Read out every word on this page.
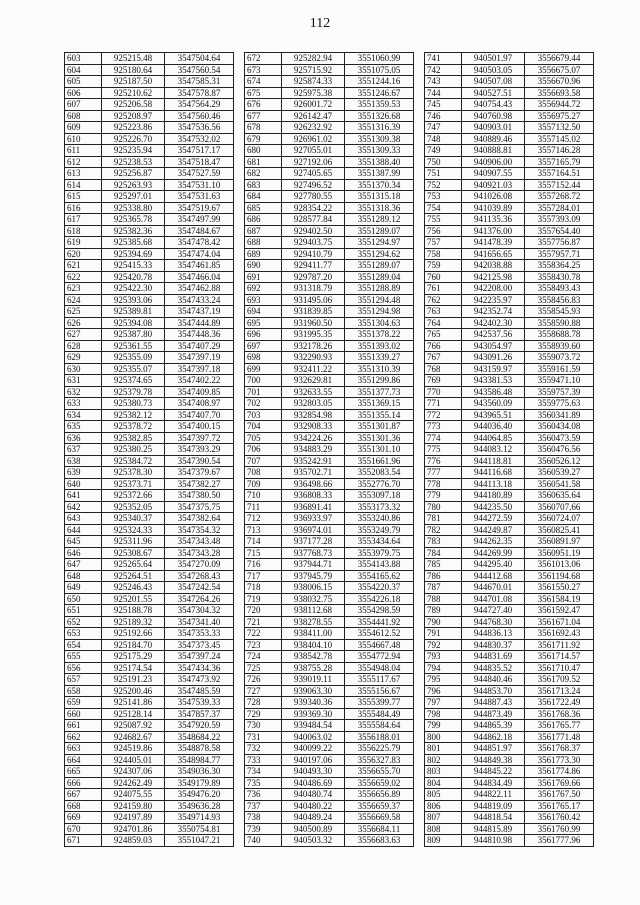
112
603	925215.48	3547504.64
604	925180.64	3547560.54
605	925187.50	3547585.31
606	925210.62	3547578.87
607	925206.58	3547564.29
608	925208.97	3547560.46
609	925223.86	3547536.56
610	925226.70	3547532.02
611	925235.94	3547517.17
612	925238.53	3547518.47
613	925256.87	3547527.59
614	925263.93	3547531.10
615	925297.01	3547531.63
616	925338.80	3547519.67
617	925365.78	3547497.99
618	925382.36	3547484.67
619	925385.68	3547478.42
620	925394.69	3547474.04
621	925415.33	3547461.85
622	925420.78	3547466.04
623	925422.30	3547462.88
624	925393.06	3547433.24
625	925389.81	3547437.19
626	925394.08	3547444.89
627	925387.80	3547448.36
628	925361.55	3547407.29
629	925355.09	3547397.19
630	925355.07	3547397.18
631	925374.65	3547402.22
632	925379.78	3547409.85
633	925380.73	3547408.97
634	925382.12	3547407.70
635	925378.72	3547400.15
636	925382.85	3547397.72
637	925380.25	3547393.29
638	925384.72	3547390.54
639	925378.30	3547379.67
640	925373.71	3547382.27
641	925372.66	3547380.50
642	925352.05	3547375.75
643	925340.37	3547382.64
644	925324.33	3547354.32
645	925311.96	3547343.48
646	925308.67	3547343.28
647	925265.64	3547270.09
648	925264.51	3547268.43
649	925246.43	3547242.54
650	925201.55	3547264.26
651	925188.78	3547304.32
652	925189.32	3547341.40
653	925192.66	3547353.33
654	925184.70	3547373.45
655	925175.29	3547397.24
656	925174.54	3547434.36
657	925191.23	3547473.92
658	925200.46	3547485.59
659	925141.86	3547539.33
660	925128.14	3547857.37
661	925087.92	3547920.59
662	924682.67	3548684.22
663	924519.86	3548878.58
664	924405.01	3548984.77
665	924307.06	3549036.30
666	924262.49	3549179.89
667	924075.55	3549476.20
668	924159.80	3549636.28
669	924197.89	3549714.93
670	924701.86	3550754.81
671	924859.03	3551047.21
672	925282.94	3551060.99
673	925715.92	3551075.05
674	925874.33	3551244.16
675	925975.38	3551246.67
676	926001.72	3551359.53
677	926142.47	3551326.68
678	926232.92	3551316.39
679	926961.02	3551309.38
680	927055.01	3551309.33
681	927192.06	3551388.40
682	927405.65	3551387.99
683	927496.52	3551370.34
684	927780.55	3551315.18
685	928354.22	3551318.36
686	928577.84	3551289.12
687	929402.50	3551289.07
688	929403.75	3551294.97
689	929410.79	3551294.62
690	929411.77	3551289.07
691	929787.20	3551289.04
692	931318.79	3551288.89
693	931495.06	3551294.48
694	931839.85	3551294.98
695	931960.50	3551304.63
696	931995.35	3551378.22
697	932178.26	3551393.02
698	932290.93	3551339.27
699	932411.22	3551310.39
700	932629.81	3551299.86
701	932633.55	3551377.73
702	932803.05	3551369.15
703	932854.98	3551355.14
704	932908.33	3551301.87
705	934224.26	3551301.36
706	934883.29	3551301.10
707	935242.91	3551661.96
708	935702.71	3552083.54
709	936498.66	3552776.70
710	936808.33	3553097.18
711	936891.41	3553173.32
712	936933.97	3553240.86
713	936974.01	3553249.79
714	937177.28	3553434.64
715	937768.73	3553979.75
716	937944.71	3554143.88
717	937945.79	3554165.62
718	938006.15	3554220.37
719	938032.75	3554226.18
720	938112.68	3554298.59
721	938278.55	3554441.92
722	938411.00	3554612.52
723	938404.10	3554667.48
724	938542.78	3554772.94
725	938755.28	3554948.04
726	939019.11	3555117.67
727	939063.30	3555156.67
728	939340.36	3555399.77
729	939369.30	3555484.49
730	939484.54	3555584.64
731	940063.02	3556188.01
732	940099.22	3556225.79
733	940197.06	3556327.83
734	940493.30	3556655.70
735	940486.69	3556659.02
736	940480.74	3556656.89
737	940480.22	3556659.37
738	940489.24	3556669.58
739	940500.89	3556684.11
740	940503.32	3556683.63
741	940501.97	3556679.44
742	940503.05	3556675.07
743	940507.08	3556670.96
744	940527.51	3556693.58
745	940754.43	3556944.72
746	940760.98	3556975.27
747	940903.01	3557132.50
748	940889.46	3557145.02
749	940888.81	3557146.28
750	940906.00	3557165.79
751	940907.55	3557164.51
752	940921.03	3557152.44
753	941026.08	3557268.72
754	941039.89	3557284.01
755	941135.36	3557393.09
756	941376.00	3557654.40
757	941478.39	3557756.87
758	941656.65	3557957.71
759	942038.88	3558364.25
760	942125.98	3558430.78
761	942208.00	3558493.43
762	942235.97	3558456.83
763	942352.74	3558545.93
764	942402.30	3558590.88
765	942537.56	3558688.78
766	943054.97	3558939.60
767	943091.26	3559073.72
768	943159.97	3559161.59
769	943381.53	3559471.10
770	943586.48	3559757.39
771	943560.09	3559775.63
772	943965.51	3560341.89
773	944036.40	3560434.08
774	944064.85	3560473.59
775	944083.12	3560476.56
776	944118.81	3560526.12
777	944116.68	3560539.27
778	944113.18	3560541.58
779	944180.89	3560635.64
780	944235.50	3560707.66
781	944272.59	3560724.07
782	944249.87	3560825.41
783	944262.35	3560891.97
784	944269.99	3560951.19
785	944295.40	3561013.06
786	944412.68	3561194.68
787	944670.01	3561550.27
788	944701.08	3561584.19
789	944727.40	3561592.47
790	944768.30	3561671.04
791	944836.13	3561692.43
792	944830.37	3561711.92
793	944831.69	3561714.57
794	944835.52	3561710.47
795	944840.46	3561709.52
796	944853.70	3561713.24
797	944887.43	3561722.49
798	944873.49	3561768.36
799	944865.39	3561765.77
800	944862.18	3561771.48
801	944851.97	3561768.37
802	944849.38	3561773.30
803	944845.22	3561774.86
804	944834.49	3561769.66
805	944822.11	3561767.50
806	944819.09	3561765.17
807	944818.54	3561760.42
808	944815.89	3561760.99
809	944810.98	3561777.96
